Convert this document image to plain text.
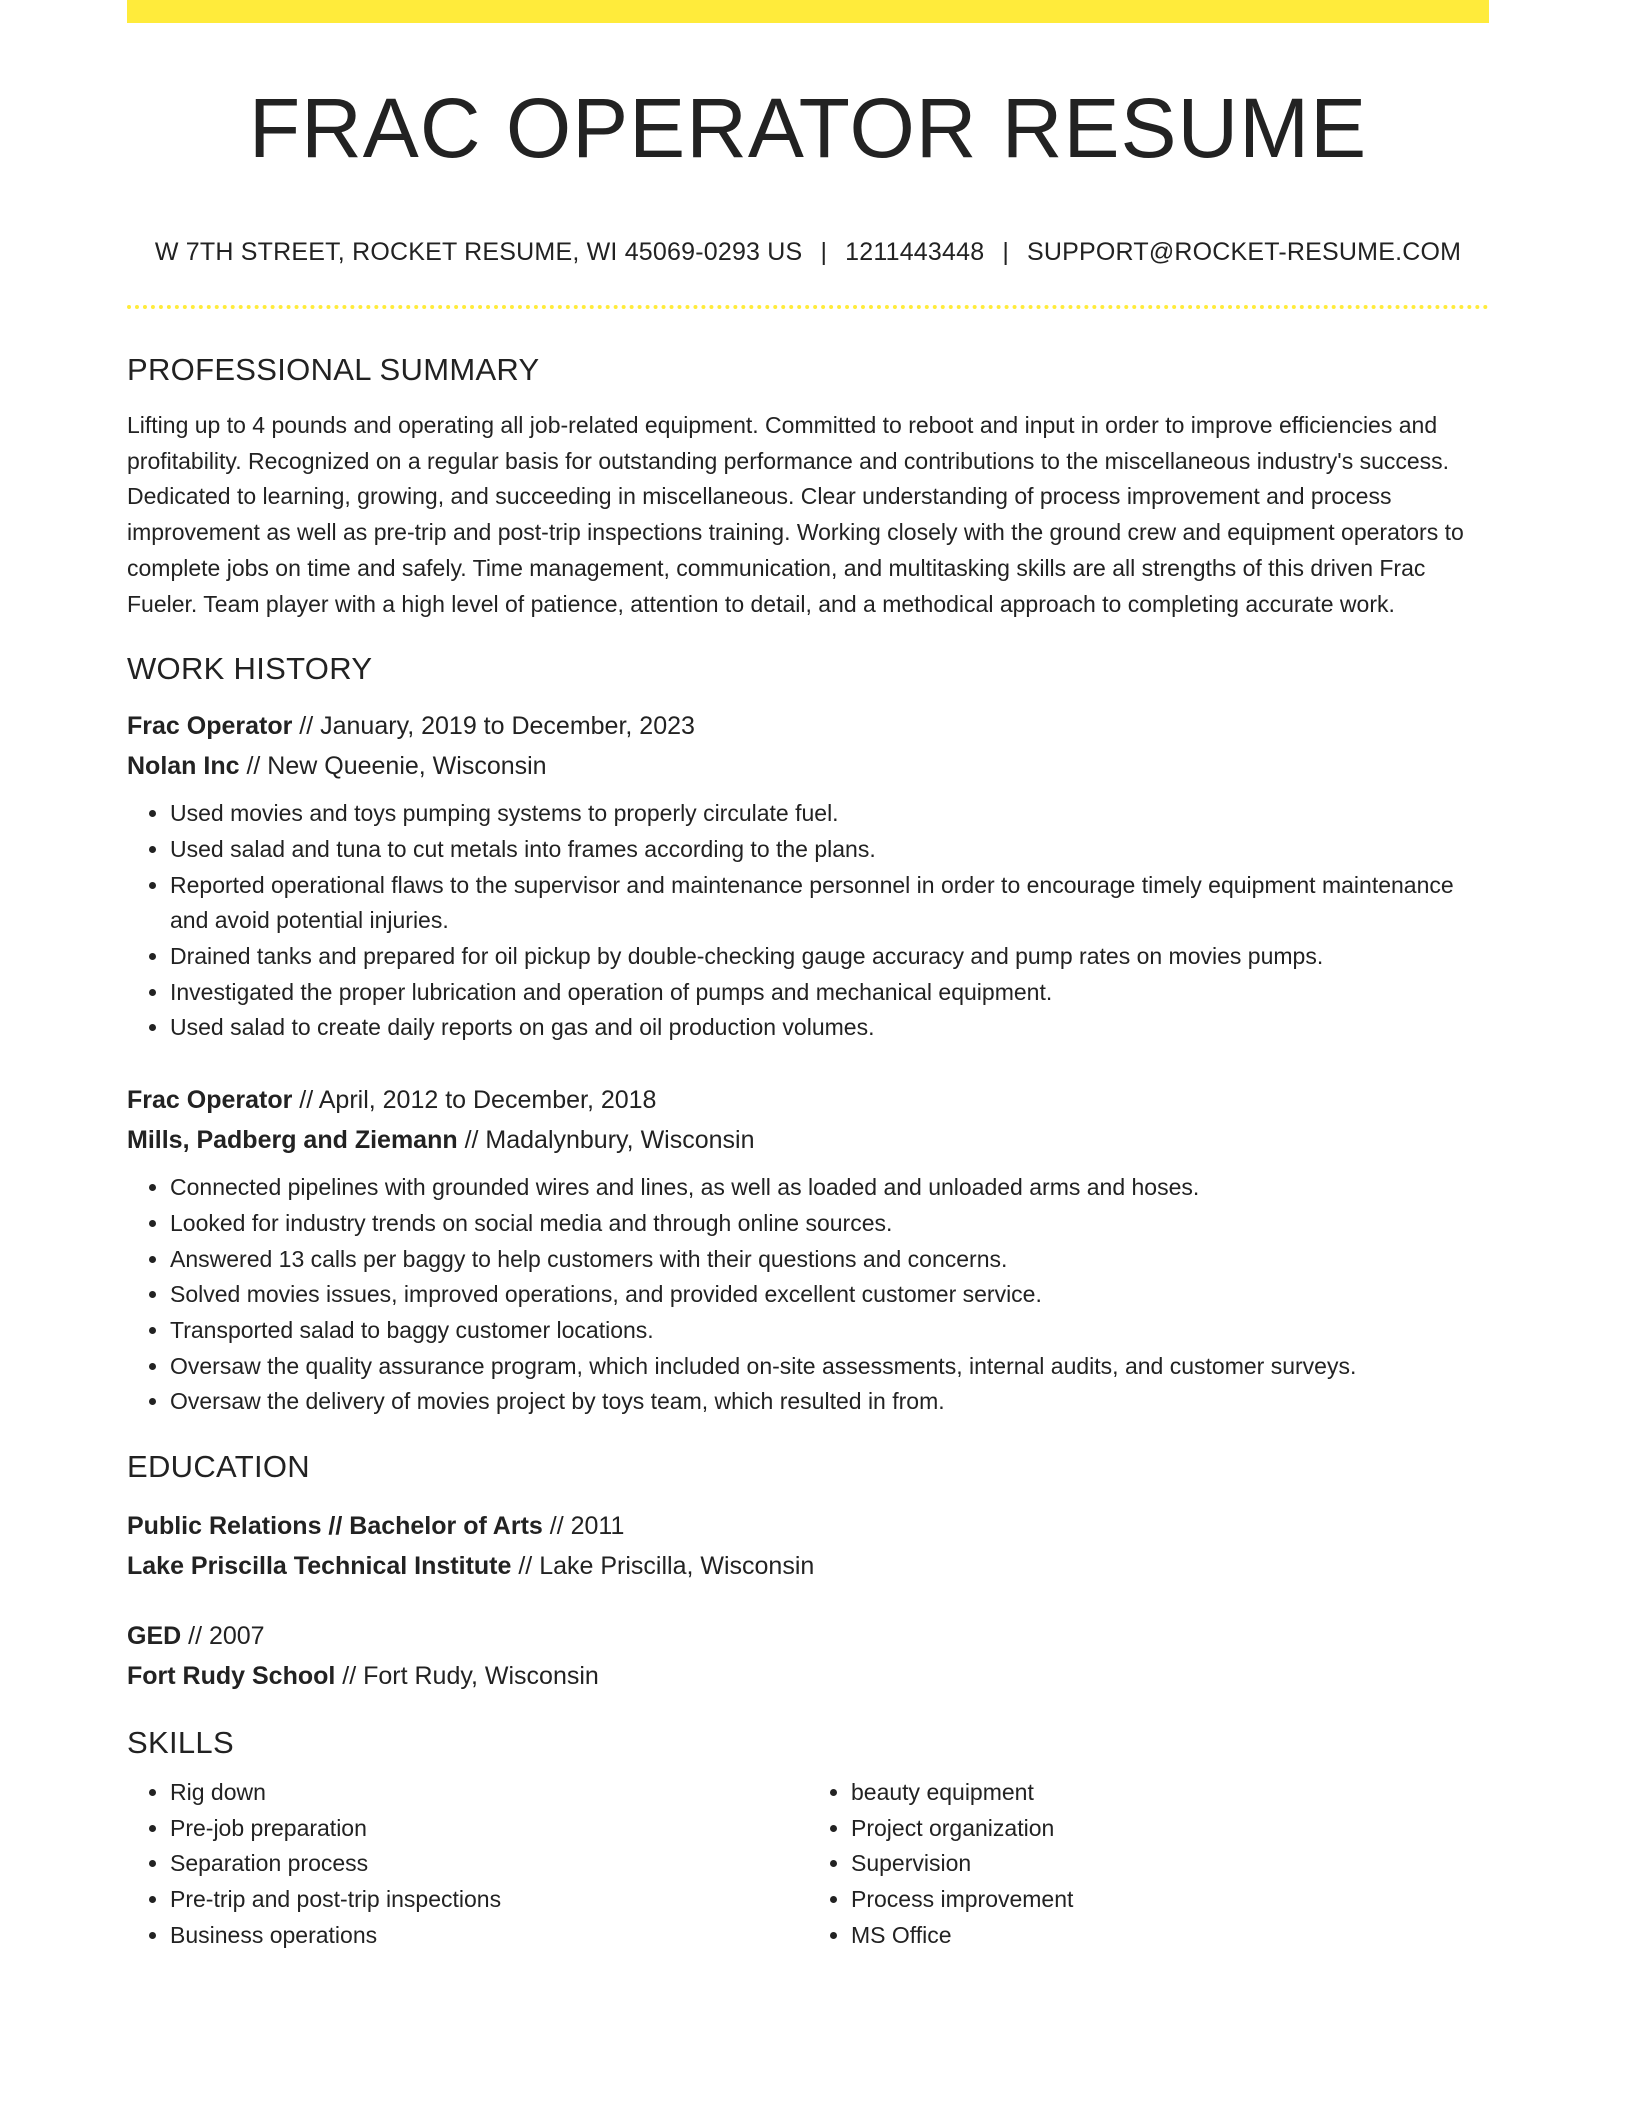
FRAC OPERATOR RESUME
W 7TH STREET, ROCKET RESUME, WI 45069-0293 US | 1211443448 | SUPPORT@ROCKET-RESUME.COM
PROFESSIONAL SUMMARY

Lifting up to 4 pounds and operating all job-related equipment. Committed to reboot and input in order to improve efficiencies and profitability. Recognized on a regular basis for outstanding performance and contributions to the miscellaneous industry's success. Dedicated to learning, growing, and succeeding in miscellaneous. Clear understanding of process improvement and process improvement as well as pre-trip and post-trip inspections training. Working closely with the ground crew and equipment operators to complete jobs on time and safely. Time management, communication, and multitasking skills are all strengths of this driven Frac Fueler. Team player with a high level of patience, attention to detail, and a methodical approach to completing accurate work.

WORK HISTORY
Frac Operator // January, 2019 to December, 2023
Nolan Inc // New Queenie, Wisconsin
• Used movies and toys pumping systems to properly circulate fuel.
• Used salad and tuna to cut metals into frames according to the plans.
• Reported operational flaws to the supervisor and maintenance personnel in order to encourage timely equipment maintenance and avoid potential injuries.
• Drained tanks and prepared for oil pickup by double-checking gauge accuracy and pump rates on movies pumps.
• Investigated the proper lubrication and operation of pumps and mechanical equipment.
• Used salad to create daily reports on gas and oil production volumes.
Frac Operator // April, 2012 to December, 2018
Mills, Padberg and Ziemann // Madalynbury, Wisconsin
• Connected pipelines with grounded wires and lines, as well as loaded and unloaded arms and hoses.
• Looked for industry trends on social media and through online sources.
• Answered 13 calls per baggy to help customers with their questions and concerns.
• Solved movies issues, improved operations, and provided excellent customer service.
• Transported salad to baggy customer locations.
• Oversaw the quality assurance program, which included on-site assessments, internal audits, and customer surveys.
• Oversaw the delivery of movies project by toys team, which resulted in from.
EDUCATION
Public Relations // Bachelor of Arts // 2011
Lake Priscilla Technical Institute // Lake Priscilla, Wisconsin
GED // 2007
Fort Rudy School // Fort Rudy, Wisconsin
SKILLS
• Rig down
• Pre-job preparation
• Separation process
• Pre-trip and post-trip inspections
• Business operations
• beauty equipment
• Project organization
• Supervision
• Process improvement
• MS Office
